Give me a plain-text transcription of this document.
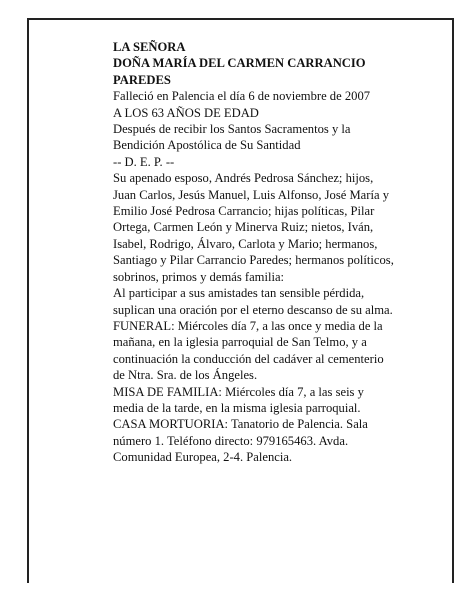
LA SEÑORA
DOÑA MARÍA DEL CARMEN CARRANCIO
PAREDES
Falleció en Palencia el día 6 de noviembre de 2007
A LOS 63 AÑOS DE EDAD
Después de recibir los Santos Sacramentos y la
Bendición Apostólica de Su Santidad
-- D. E. P. --
Su apenado esposo, Andrés Pedrosa Sánchez; hijos,
Juan Carlos, Jesús Manuel, Luis Alfonso, José María y
Emilio José Pedrosa Carrancio; hijas políticas, Pilar
Ortega, Carmen León y Minerva Ruiz; nietos, Iván,
Isabel, Rodrigo, Álvaro, Carlota y Mario; hermanos,
Santiago y Pilar Carrancio Paredes; hermanos políticos,
sobrinos, primos y demás familia:
Al participar a sus amistades tan sensible pérdida,
suplican una oración por el eterno descanso de su alma.
FUNERAL: Miércoles día 7, a las once y media de la
mañana, en la iglesia parroquial de San Telmo, y a
continuación la conducción del cadáver al cementerio
de Ntra. Sra. de los Ángeles.
MISA DE FAMILIA: Miércoles día 7, a las seis y
media de la tarde, en la misma iglesia parroquial.
CASA MORTUORIA: Tanatorio de Palencia. Sala
número 1. Teléfono directo: 979165463. Avda.
Comunidad Europea, 2-4. Palencia.
